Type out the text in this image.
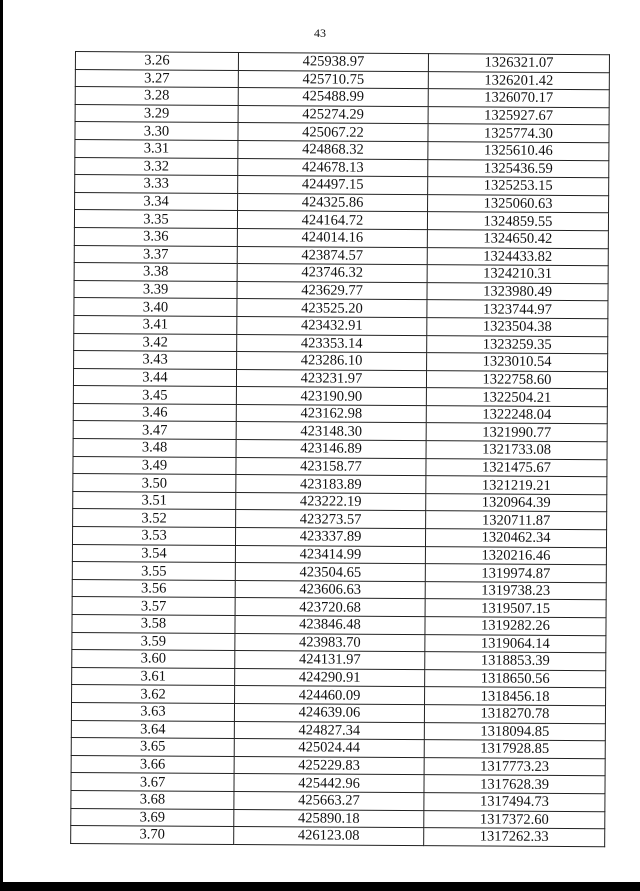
43
3.26	425938.97	1326321.07
3.27	425710.75	1326201.42
3.28	425488.99	1326070.17
3.29	425274.29	1325927.67
3.30	425067.22	1325774.30
3.31	424868.32	1325610.46
3.32	424678.13	1325436.59
3.33	424497.15	1325253.15
3.34	424325.86	1325060.63
3.35	424164.72	1324859.55
3.36	424014.16	1324650.42
3.37	423874.57	1324433.82
3.38	423746.32	1324210.31
3.39	423629.77	1323980.49
3.40	423525.20	1323744.97
3.41	423432.91	1323504.38
3.42	423353.14	1323259.35
3.43	423286.10	1323010.54
3.44	423231.97	1322758.60
3.45	423190.90	1322504.21
3.46	423162.98	1322248.04
3.47	423148.30	1321990.77
3.48	423146.89	1321733.08
3.49	423158.77	1321475.67
3.50	423183.89	1321219.21
3.51	423222.19	1320964.39
3.52	423273.57	1320711.87
3.53	423337.89	1320462.34
3.54	423414.99	1320216.46
3.55	423504.65	1319974.87
3.56	423606.63	1319738.23
3.57	423720.68	1319507.15
3.58	423846.48	1319282.26
3.59	423983.70	1319064.14
3.60	424131.97	1318853.39
3.61	424290.91	1318650.56
3.62	424460.09	1318456.18
3.63	424639.06	1318270.78
3.64	424827.34	1318094.85
3.65	425024.44	1317928.85
3.66	425229.83	1317773.23
3.67	425442.96	1317628.39
3.68	425663.27	1317494.73
3.69	425890.18	1317372.60
3.70	426123.08	1317262.33
